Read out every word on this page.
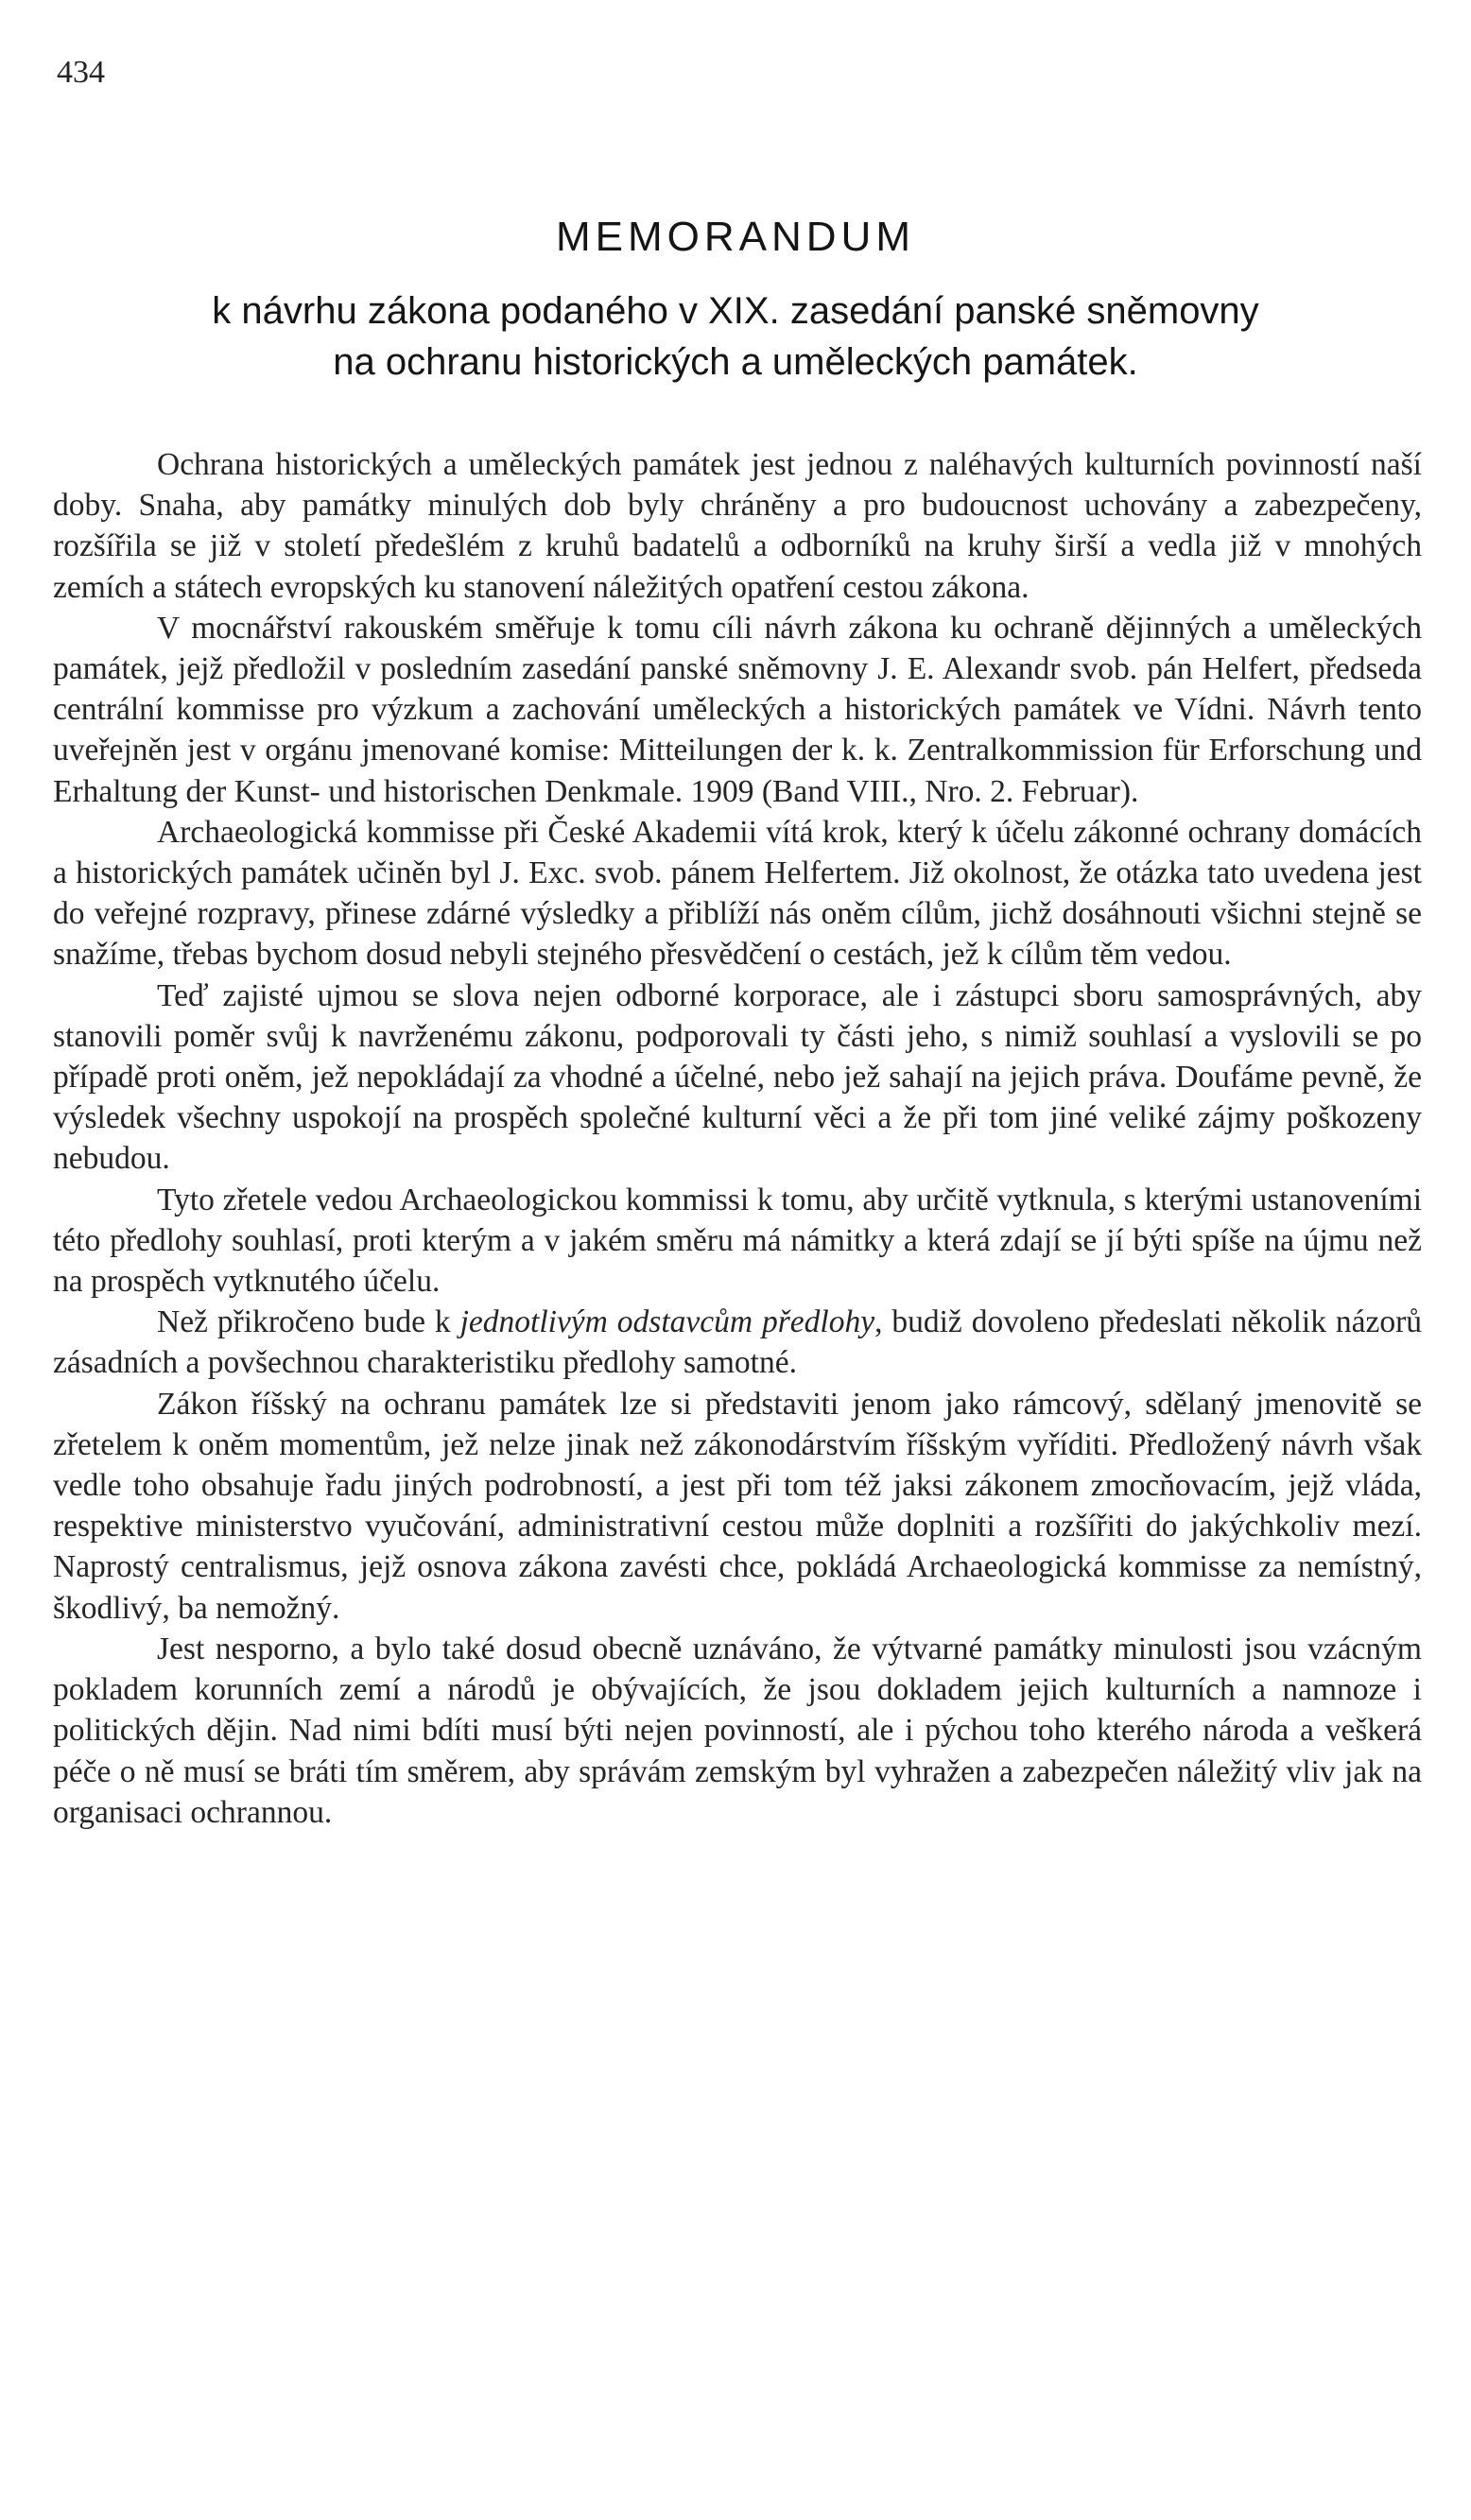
434
MEMORANDUM
k návrhu zákona podaného v XIX. zasedání panské sněmovny
na ochranu historických a uměleckých památek.

Ochrana historických a uměleckých památek jest jednou z naléhavých kulturních povinností naší doby. Snaha, aby památky minulých dob byly chráněny a pro budoucnost uchovány a zabezpečeny, rozšířila se již v století předešlém z kruhů badatelů a odborníků na kruhy širší a vedla již v mnohých zemích a státech evropských ku stanovení náležitých opatření cestou zákona.

V mocnářství rakouském směřuje k tomu cíli návrh zákona ku ochraně dějinných a uměleckých památek, jejž předložil v posledním zasedání panské sněmovny J. E. Alexandr svob. pán Helfert, předseda centrální kommisse pro výzkum a zachování uměleckých a historických památek ve Vídni. Návrh tento uveřejněn jest v orgánu jmenované komise: Mitteilungen der k. k. Zentralkommission für Erforschung und Erhaltung der Kunst- und historischen Denkmale. 1909 (Band VIII., Nro. 2. Februar).

Archaeologická kommisse při České Akademii vítá krok, který k účelu zákonné ochrany domácích a historických památek učiněn byl J. Exc. svob. pánem Helfertem. Již okolnost, že otázka tato uvedena jest do veřejné rozpravy, přinese zdárné výsledky a přiblíží nás oněm cílům, jichž dosáhnouti všichni stejně se snažíme, třebas bychom dosud nebyli stejného přesvědčení o cestách, jež k cílům těm vedou.

Teď zajisté ujmou se slova nejen odborné korporace, ale i zástupci sboru samosprávných, aby stanovili poměr svůj k navrženému zákonu, podporovali ty části jeho, s nimiž souhlasí a vyslovili se po případě proti oněm, jež nepokládají za vhodné a účelné, nebo jež sahají na jejich práva. Doufáme pevně, že výsledek všechny uspokojí na prospěch společné kulturní věci a že při tom jiné veliké zájmy poškozeny nebudou.

Tyto zřetele vedou Archaeologickou kommissi k tomu, aby určitě vytknula, s kterými ustanoveními této předlohy souhlasí, proti kterým a v jakém směru má námitky a která zdají se jí býti spíše na újmu než na prospěch vytknutého účelu.

Než přikročeno bude k jednotlivým odstavcům předlohy, budiž dovoleno předeslati několik názorů zásadních a povšechnou charakteristiku předlohy samotné.

Zákon říšský na ochranu památek lze si představiti jenom jako rámcový, sdělaný jmenovitě se zřetelem k oněm momentům, jež nelze jinak než zákonodárstvím říšským vyříditi. Předložený návrh však vedle toho obsahuje řadu jiných podrobností, a jest při tom též jaksi zákonem zmocňovacím, jejž vláda, respektive ministerstvo vyučování, administrativní cestou může doplniti a rozšířiti do jakýchkoliv mezí. Naprostý centralismus, jejž osnova zákona zavésti chce, pokládá Archaeologická kommisse za nemístný, škodlivý, ba nemožný.

Jest nesporno, a bylo také dosud obecně uznáváno, že výtvarné památky minulosti jsou vzácným pokladem korunních zemí a národů je obývajících, že jsou dokladem jejich kulturních a namnoze i politických dějin. Nad nimi bdíti musí býti nejen povinností, ale i pýchou toho kterého národa a veškerá péče o ně musí se bráti tím směrem, aby správám zemským byl vyhražen a zabezpečen náležitý vliv jak na organisaci ochrannou.
